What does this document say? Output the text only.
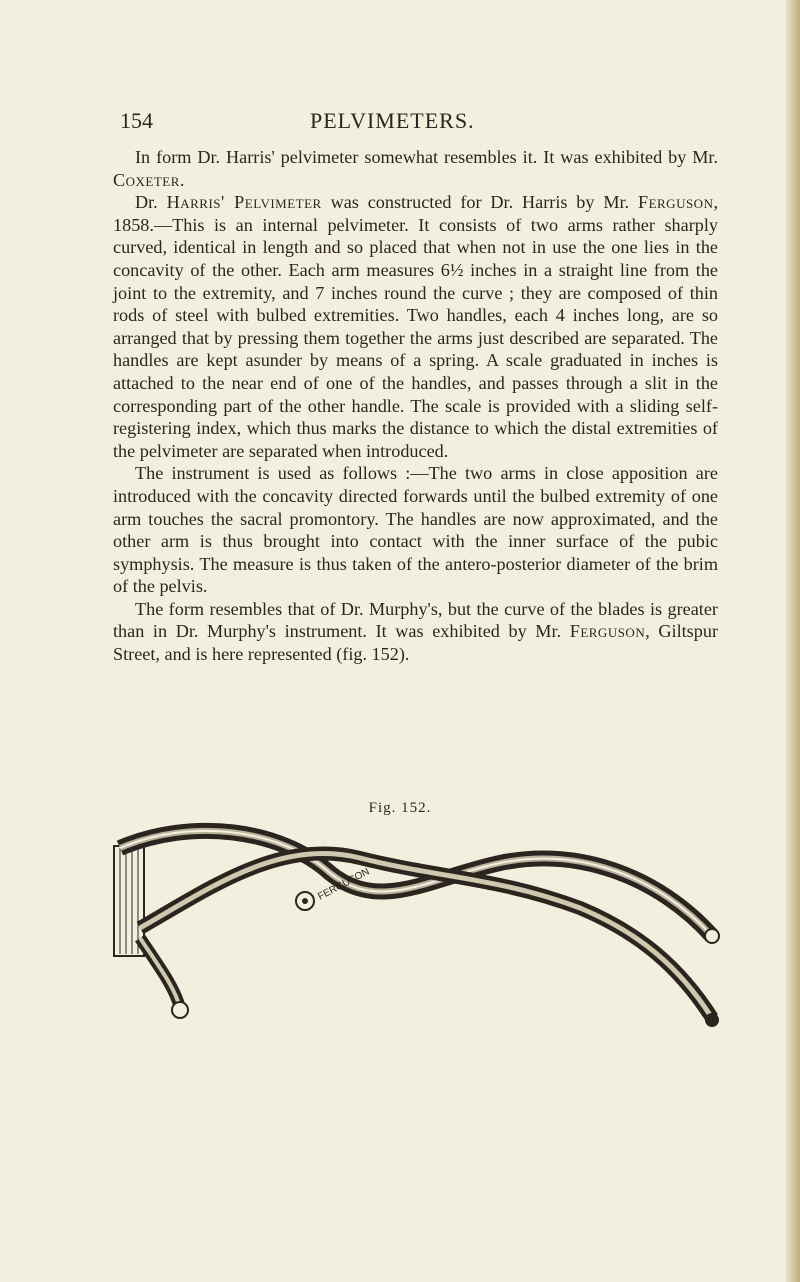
154	PELVIMETERS.

In form Dr. Harris' pelvimeter somewhat resembles it. It was exhibited by Mr. Coxeter.

Dr. Harris' Pelvimeter was constructed for Dr. Harris by Mr. Ferguson, 1858.—This is an internal pelvimeter. It consists of two arms rather sharply curved, identical in length and so placed that when not in use the one lies in the concavity of the other. Each arm measures 6½ inches in a straight line from the joint to the extremity, and 7 inches round the curve ; they are composed of thin rods of steel with bulbed extremities. Two handles, each 4 inches long, are so arranged that by pressing them together the arms just described are separated. The handles are kept asunder by means of a spring. A scale graduated in inches is attached to the near end of one of the handles, and passes through a slit in the corresponding part of the other handle. The scale is provided with a sliding self-registering index, which thus marks the distance to which the distal extremities of the pelvimeter are separated when introduced.

The instrument is used as follows :—The two arms in close apposition are introduced with the concavity directed forwards until the bulbed extremity of one arm touches the sacral promontory. The handles are now approximated, and the other arm is thus brought into contact with the inner surface of the pubic symphysis. The measure is thus taken of the antero-posterior diameter of the brim of the pelvis.

The form resembles that of Dr. Murphy's, but the curve of the blades is greater than in Dr. Murphy's instrument. It was exhibited by Mr. Ferguson, Giltspur Street, and is here represented (fig. 152).

Fig. 152.
FERGUSON
